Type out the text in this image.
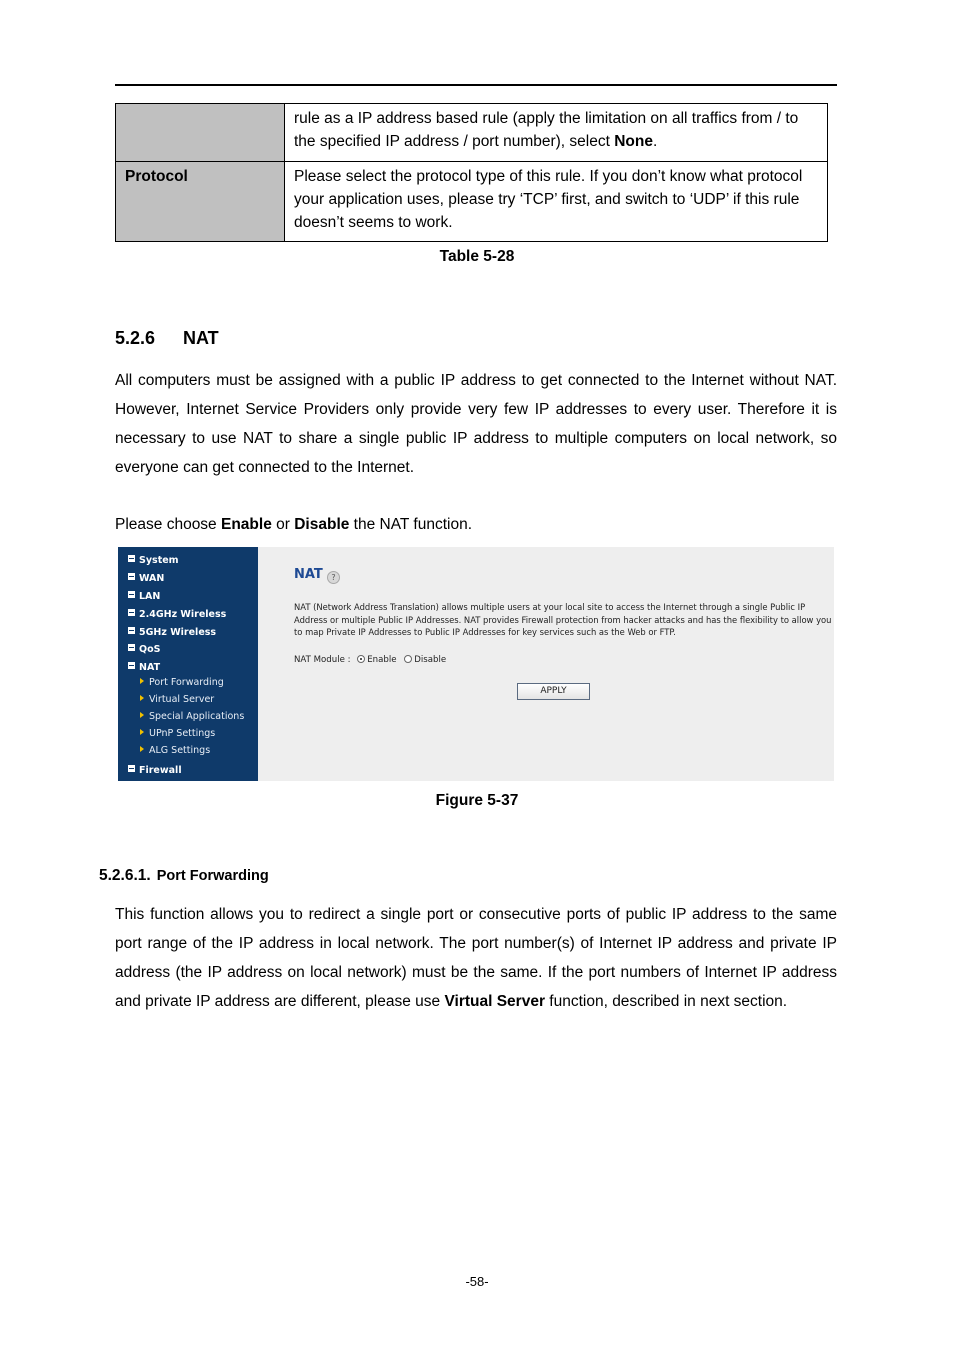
	rule as a IP address based rule (apply the limitation on all traffics from / to the specified IP address / port number), select None.
Protocol	Please select the protocol type of this rule. If you don’t know what protocol your application uses, please try ‘TCP’ first, and switch to ‘UDP’ if this rule doesn’t seems to work.
Table 5-28
5.2.6 NAT
All computers must be assigned with a public IP address to get connected to the Internet without NAT. However, Internet Service Providers only provide very few IP addresses to every user. Therefore it is necessary to use NAT to share a single public IP address to multiple computers on local network, so everyone can get connected to the Internet.
Please choose Enable or Disable the NAT function.
System
WAN
LAN
2.4GHz Wireless
5GHz Wireless
QoS
NAT
Port Forwarding
Virtual Server
Special Applications
UPnP Settings
ALG Settings
Firewall
NAT	?
NAT (Network Address Translation) allows multiple users at your local site to access the Internet through a single Public IP Address or multiple Public IP Addresses. NAT provides Firewall protection from hacker attacks and has the flexibility to allow you to map Private IP Addresses to Public IP Addresses for key services such as the Web or FTP.
NAT Module : Enable Disable
APPLY
Figure 5-37
5.2.6.1. Port Forwarding
This function allows you to redirect a single port or consecutive ports of public IP address to the same port range of the IP address in local network. The port number(s) of Internet IP address and private IP address (the IP address on local network) must be the same. If the port numbers of Internet IP address and private IP address are different, please use Virtual Server function, described in next section.
-58-
